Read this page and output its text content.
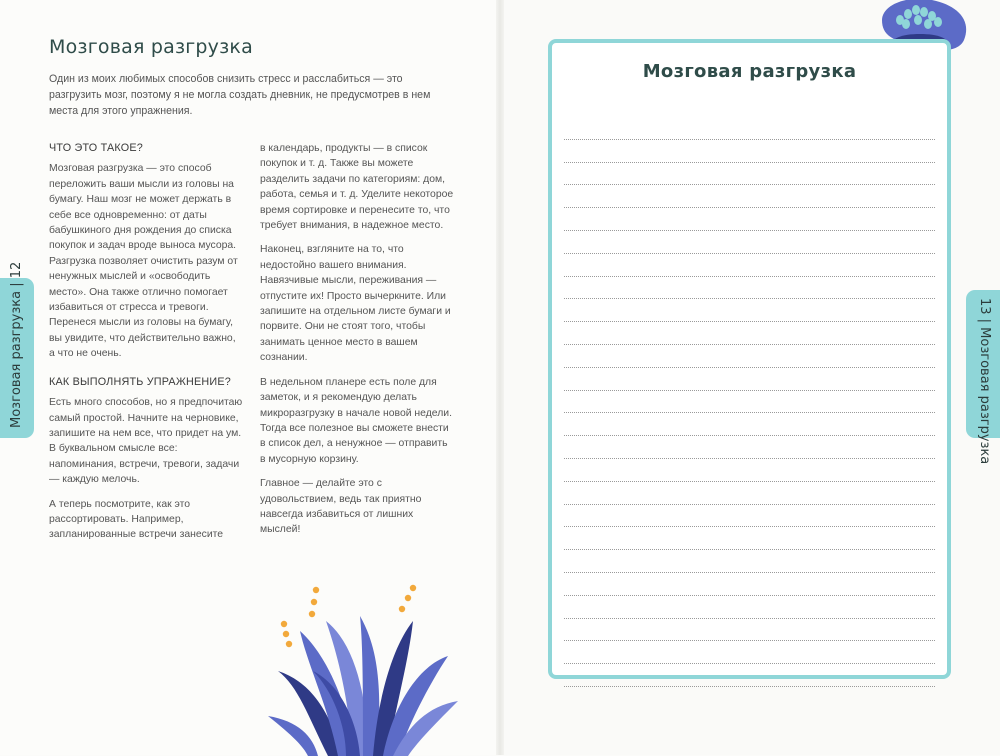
Мозговая разгрузка
Один из моих любимых способов снизить стресс и расслабиться — это разгрузить мозг, поэтому я не могла создать дневник, не предусмотрев в нем места для этого упражнения.
ЧТО ЭТО ТАКОЕ?

Мозговая разгрузка — это способ переложить ваши мысли из головы на бумагу. Наш мозг не может держать в себе все одновременно: от даты бабушкиного дня рождения до списка покупок и задач вроде выноса мусора. Разгрузка позволяет очистить разум от ненужных мыслей и «освободить место». Она также отлично помогает избавиться от стресса и тревоги. Перенеся мысли из головы на бумагу, вы увидите, что действительно важно, а что не очень.

КАК ВЫПОЛНЯТЬ УПРАЖНЕНИЕ?

Есть много способов, но я предпочитаю самый простой. Начните на черновике, запишите на нем все, что придет на ум. В буквальном смысле все: напоминания, встречи, тревоги, задачи — каждую мелочь.

А теперь посмотрите, как это рассортировать. Например, запланированные встречи занесите

в календарь, продукты — в список покупок и т. д. Также вы можете разделить задачи по категориям: дом, работа, семья и т. д. Уделите некоторое время сортировке и перенесите то, что требует внимания, в надежное место.

Наконец, взгляните на то, что недостойно вашего внимания. Навязчивые мысли, переживания — отпустите их! Просто вычеркните. Или запишите на отдельном листе бумаги и порвите. Они не стоят того, чтобы занимать ценное место в вашем сознании.

В недельном планере есть поле для заметок, и я рекомендую делать микроразгрузку в начале новой недели. Тогда все полезное вы сможете внести в список дел, а ненужное — отправить в мусорную корзину.

Главное — делайте это с удовольствием, ведь так приятно навсегда избавиться от лишних мыслей!

Мозговая разгрузка | 12
Мозговая разгрузка
13 | Мозговая разгрузка
